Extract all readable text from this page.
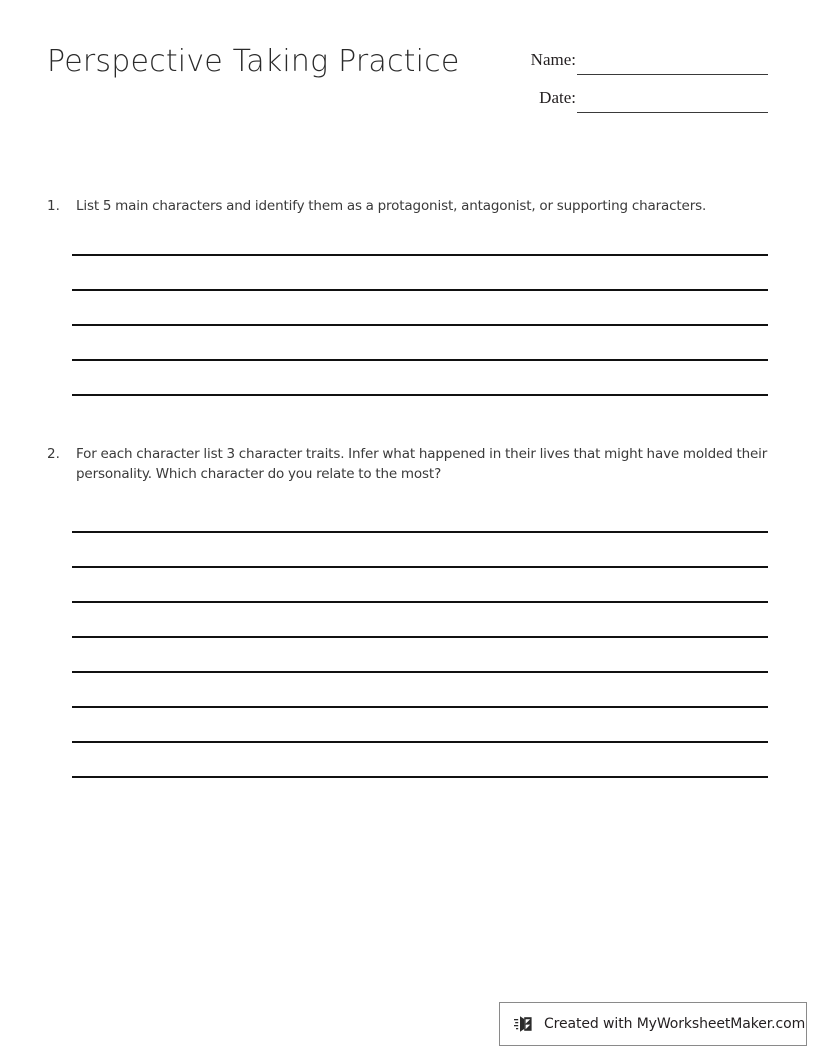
Perspective Taking Practice	Name:
Date:
1. List 5 main characters and identify them as a protagonist, antagonist, or supporting characters.
2. For each character list 3 character traits. Infer what happened in their lives that might have molded their personality. Which character do you relate to the most?
Created with MyWorksheetMaker.com
